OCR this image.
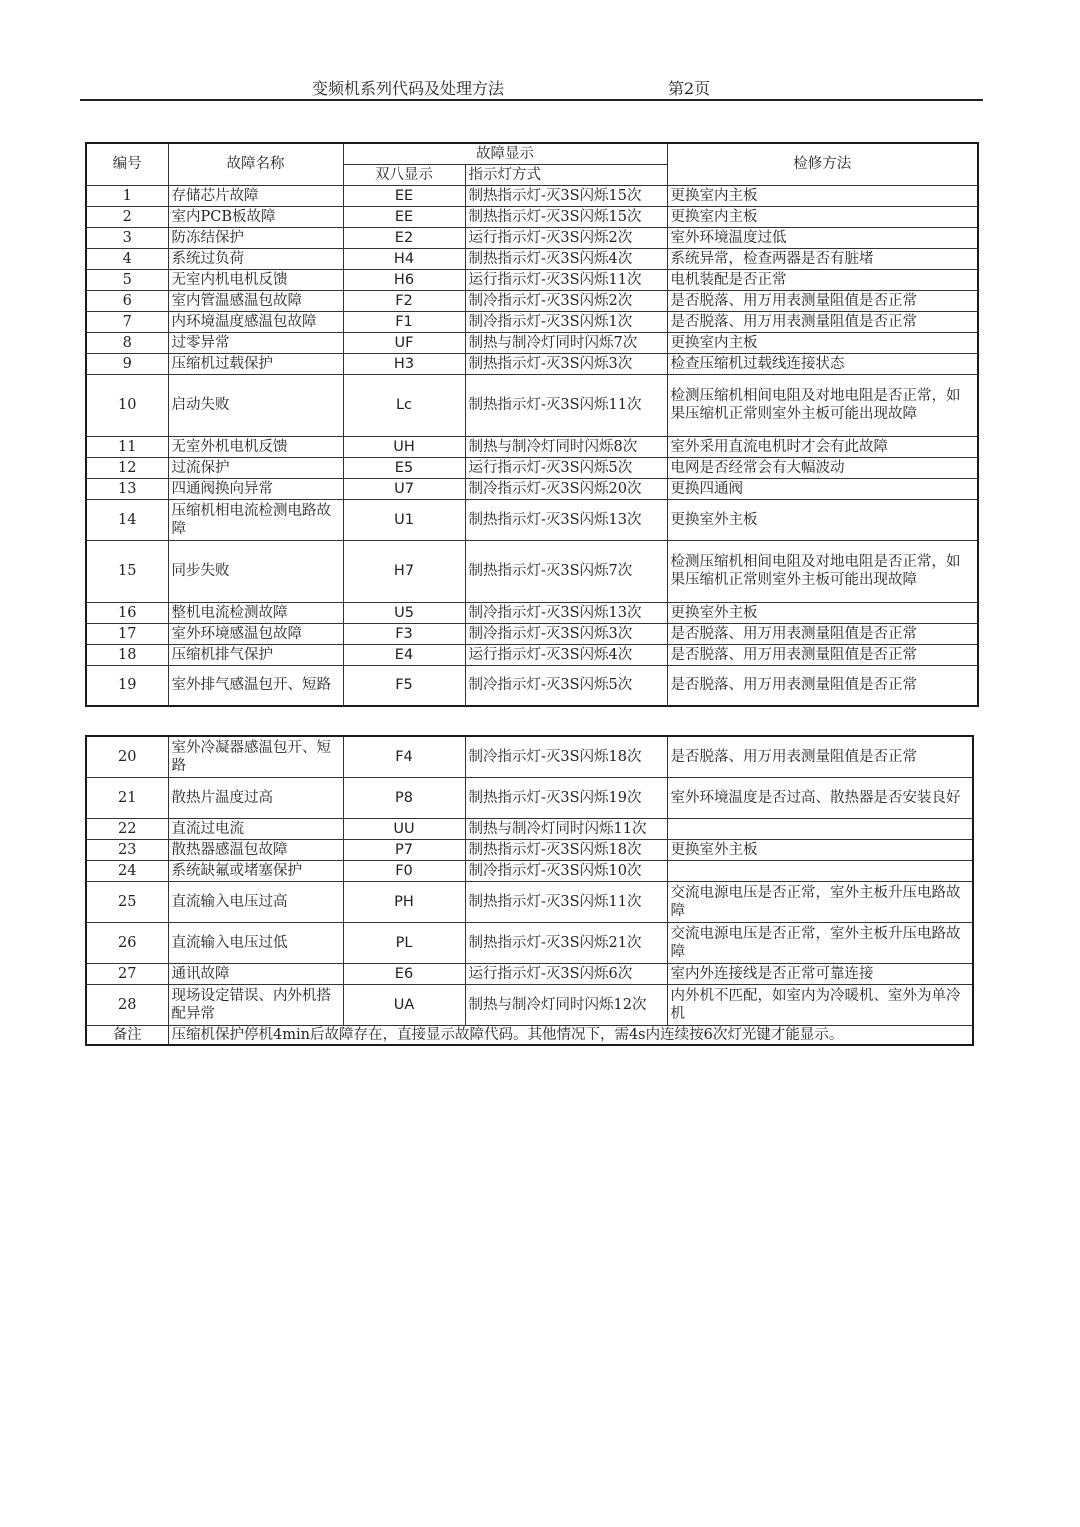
变频机系列代码及处理方法	第2页
编号	故障名称	故障显示		检修方法
		双八显示	指示灯方式	
1	存储芯片故障	EE	制热指示灯-灭3S闪烁15次	更换室内主板
2	室内PCB板故障	EE	制热指示灯-灭3S闪烁15次	更换室内主板
3	防冻结保护	E2	运行指示灯-灭3S闪烁2次	室外环境温度过低
4	系统过负荷	H4	制热指示灯-灭3S闪烁4次	系统异常，检查两器是否有脏堵
5	无室内机电机反馈	H6	运行指示灯-灭3S闪烁11次	电机装配是否正常
6	室内管温感温包故障	F2	制冷指示灯-灭3S闪烁2次	是否脱落、用万用表测量阻值是否正常
7	内环境温度感温包故障	F1	制冷指示灯-灭3S闪烁1次	是否脱落、用万用表测量阻值是否正常
8	过零异常	UF	制热与制冷灯同时闪烁7次	更换室内主板
9	压缩机过载保护	H3	制热指示灯-灭3S闪烁3次	检查压缩机过载线连接状态
10	启动失败	Lc	制热指示灯-灭3S闪烁11次	检测压缩机相间电阻及对地电阻是否正常，如果压缩机正常则室外主板可能出现故障
11	无室外机电机反馈	UH	制热与制冷灯同时闪烁8次	室外采用直流电机时才会有此故障
12	过流保护	E5	运行指示灯-灭3S闪烁5次	电网是否经常会有大幅波动
13	四通阀换向异常	U7	制冷指示灯-灭3S闪烁20次	更换四通阀
14	压缩机相电流检测电路故障	U1	制热指示灯-灭3S闪烁13次	更换室外主板
15	同步失败	H7	制热指示灯-灭3S闪烁7次	检测压缩机相间电阻及对地电阻是否正常，如果压缩机正常则室外主板可能出现故障
16	整机电流检测故障	U5	制冷指示灯-灭3S闪烁13次	更换室外主板
17	室外环境感温包故障	F3	制冷指示灯-灭3S闪烁3次	是否脱落、用万用表测量阻值是否正常
18	压缩机排气保护	E4	运行指示灯-灭3S闪烁4次	是否脱落、用万用表测量阻值是否正常
19	室外排气感温包开、短路	F5	制冷指示灯-灭3S闪烁5次	是否脱落、用万用表测量阻值是否正常
20	室外冷凝器感温包开、短路	F4	制冷指示灯-灭3S闪烁18次	是否脱落、用万用表测量阻值是否正常
21	散热片温度过高	P8	制热指示灯-灭3S闪烁19次	室外环境温度是否过高、散热器是否安装良好
22	直流过电流	UU	制热与制冷灯同时闪烁11次	
23	散热器感温包故障	P7	制热指示灯-灭3S闪烁18次	更换室外主板
24	系统缺氟或堵塞保护	F0	制冷指示灯-灭3S闪烁10次	
25	直流输入电压过高	PH	制热指示灯-灭3S闪烁11次	交流电源电压是否正常，室外主板升压电路故障
26	直流输入电压过低	PL	制热指示灯-灭3S闪烁21次	交流电源电压是否正常，室外主板升压电路故障
27	通讯故障	E6	运行指示灯-灭3S闪烁6次	室内外连接线是否正常可靠连接
28	现场设定错误、内外机搭配异常	UA	制热与制冷灯同时闪烁12次	内外机不匹配，如室内为冷暖机、室外为单冷机
备注	压缩机保护停机4min后故障存在，直接显示故障代码。其他情况下，需4s内连续按6次灯光键才能显示。			
